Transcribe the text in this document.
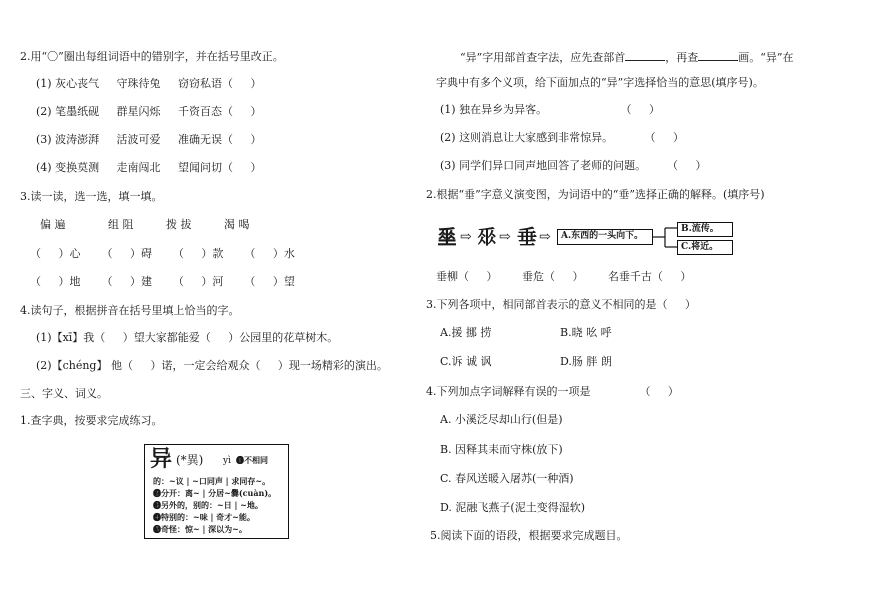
2.用“〇”圈出每组词语中的错别字，并在括号里改正。
(1) 灰心丧气     守珠待兔     窃窃私语（     ）
(2) 笔墨纸砚     群星闪烁     千资百态（     ）
(3) 波涛澎湃     活波可爱     准确无误（     ）
(4) 变换莫测     走南闯北     望闻问切（     ）
3.读一读，选一选，填一填。
偏 遍	组 阻	拨 拔	渴 喝
（     ）心      （     ）碍      （     ）款      （     ）水
（     ）地      （     ）建      （     ）河      （     ）望
4.读句子，根据拼音在括号里填上恰当的字。
(1)【xī】我（     ）望大家都能爱（     ）公园里的花草树木。
(2)【chéng】 他（     ）诺，一定会给观众（     ）现一场精彩的演出。
三、字义、词义。
1.查字典，按要求完成练习。
异 (*異) yì ❶不相同
的：~议 | ~口同声 | 求同存~。
❷分开：离~ | 分居~爨(cuàn)。
❸另外的，别的：~日 | ~地。
❹特别的：~味 | 奇才~能。
❺奇怪：惊~ | 深以为~。
“异”字用部首查字法，应先查部首	，再查	画。“异”在
字典中有多个义项，给下面加点的“异”字选择恰当的意思(填序号)。
(1) 独在异乡为异客。                     （     ）
(2) 这则消息让大家感到非常惊异。         （     ）
(3) 同学们异口同声地回答了老师的问题。      （     ）
2.根据“垂”字意义演变图，为词语中的“垂”选择正确的解释。(填序号)
𡍮 ⇨ 𠂹 ⇨ 垂 ⇨	A.东西的一头向下。
B.流传。
C.将近。
垂柳（     ）       垂危（     ）       名垂千古（     ）
3.下列各项中，相同部首表示的意义不相同的是（     ）
A.援 挪 捞	B.晓 吆 呼
C.诉 诚 讽	D.肠 胖 朗
4.下列加点字词解释有误的一项是              （     ）
A. 小溪泛尽却山行(但是)
B. 因释其耒而守株(放下)
C. 春风送暖入屠苏(一种酒)
D. 泥融飞燕子(泥土变得湿软)
5.阅读下面的语段，根据要求完成题目。
